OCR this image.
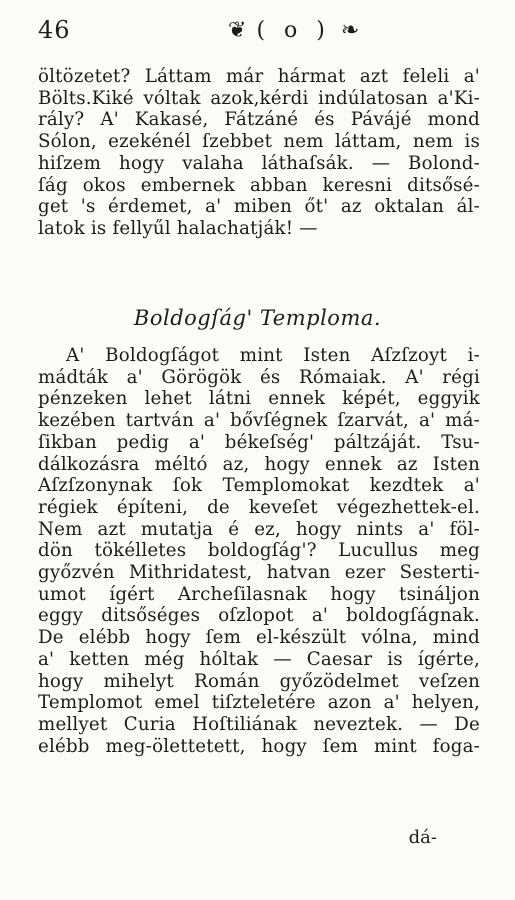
46	❦ ( o ) ❧
öltözetet? Láttam már hármat azt feleli a'
Bölts.Kiké vóltak azok,kérdi indúlatosan a'Ki-
rály? A' Kakasé, Fátzáné és Pávájé mond
Sólon, ezekénél ſzebbet nem láttam, nem is
hiſzem hogy valaha láthaſsák. — Bolond-
ſág okos embernek abban keresni ditsősé-
get 's érdemet, a' miben őt' az oktalan ál-
latok is fellyűl halachatják! —
Boldogſág' Temploma.
A' Boldogſágot mint Isten Aſzſzoyt i-
mádták a' Görögök és Rómaiak. A' régi
pénzeken lehet látni ennek képét, eggyik
kezében tartván a' bővſégnek ſzarvát, a' má-
ſikban pedig a' békeſség' páltzáját. Tsu-
dálkozásra méltó az, hogy ennek az Isten
Aſzſzonynak ſok Templomokat kezdtek a'
régiek építeni, de keveſet végezhettek-el.
Nem azt mutatja é ez, hogy nints a' föl-
dön tökélletes boldogſág'? Lucullus meg
győzvén Mithridatest, hatvan ezer Sesterti-
umot ígért Archeſilasnak hogy tsináljon
eggy ditsőséges oſzlopot a' boldogſágnak.
De elébb hogy ſem el-készült vólna, mind
a' ketten még hóltak — Caesar is ígérte,
hogy mihelyt Román győzödelmet veſzen
Templomot emel tiſzteletére azon a' helyen,
mellyet Curia Hoſtiliának neveztek. — De
elébb meg-ölettetett, hogy ſem mint foga-
dá-
